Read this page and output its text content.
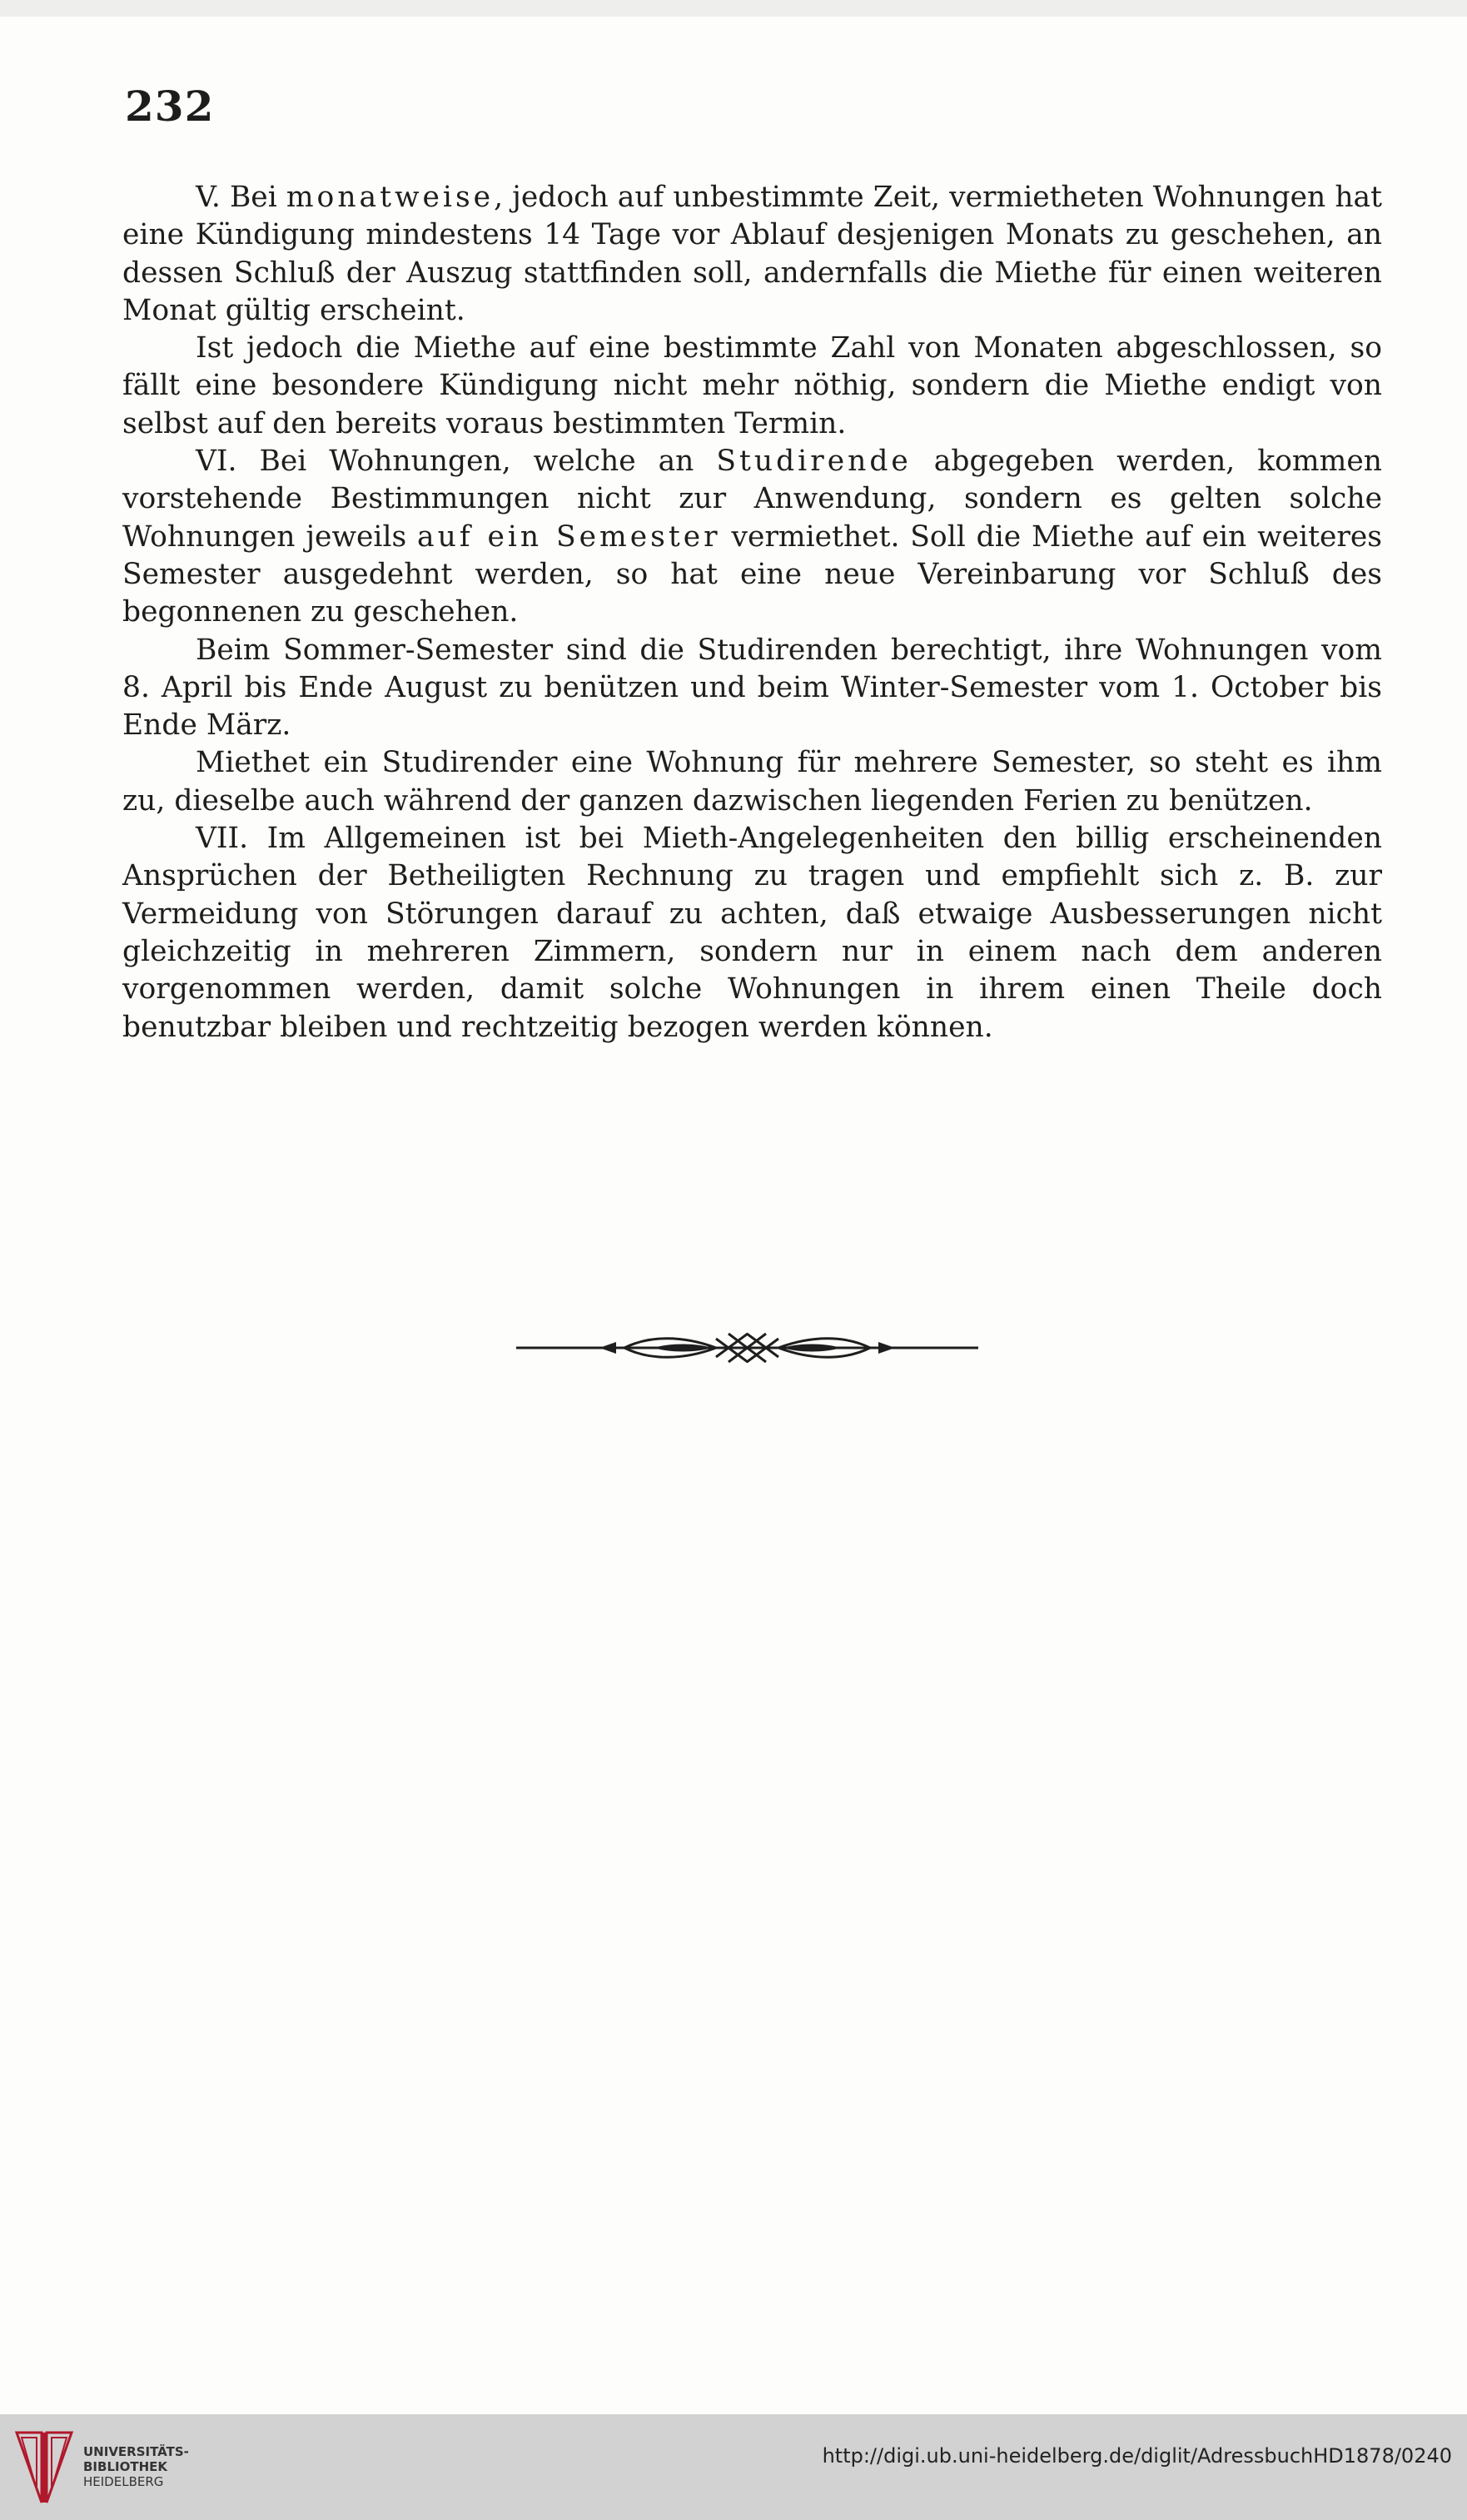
232

V. Bei monatweise, jedoch auf unbestimmte Zeit, vermietheten Wohnungen hat eine Kündigung mindestens 14 Tage vor Ablauf desjenigen Monats zu geschehen, an dessen Schluß der Auszug stattfinden soll, andernfalls die Miethe für einen weiteren Monat gültig erscheint.

Ist jedoch die Miethe auf eine bestimmte Zahl von Monaten abgeschlossen, so fällt eine besondere Kündigung nicht mehr nöthig, sondern die Miethe endigt von selbst auf den bereits voraus bestimmten Termin.

VI. Bei Wohnungen, welche an Studirende abgegeben werden, kommen vorstehende Bestimmungen nicht zur Anwendung, sondern es gelten solche Wohnungen jeweils auf ein Semester vermiethet. Soll die Miethe auf ein weiteres Semester ausgedehnt werden, so hat eine neue Vereinbarung vor Schluß des begonnenen zu geschehen.

Beim Sommer-Semester sind die Studirenden berechtigt, ihre Wohnungen vom 8. April bis Ende August zu benützen und beim Winter-Semester vom 1. October bis Ende März.

Miethet ein Studirender eine Wohnung für mehrere Semester, so steht es ihm zu, dieselbe auch während der ganzen dazwischen liegenden Ferien zu benützen.

VII. Im Allgemeinen ist bei Mieth-Angelegenheiten den billig erscheinenden Ansprüchen der Betheiligten Rechnung zu tragen und empfiehlt sich z. B. zur Vermeidung von Störungen darauf zu achten, daß etwaige Ausbesserungen nicht gleichzeitig in mehreren Zimmern, sondern nur in einem nach dem anderen vorgenommen werden, damit solche Wohnungen in ihrem einen Theile doch benutzbar bleiben und rechtzeitig bezogen werden können.

UNIVERSITÄTS-
BIBLIOTHEK
HEIDELBERG
http://digi.ub.uni-heidelberg.de/diglit/AdressbuchHD1878/0240
